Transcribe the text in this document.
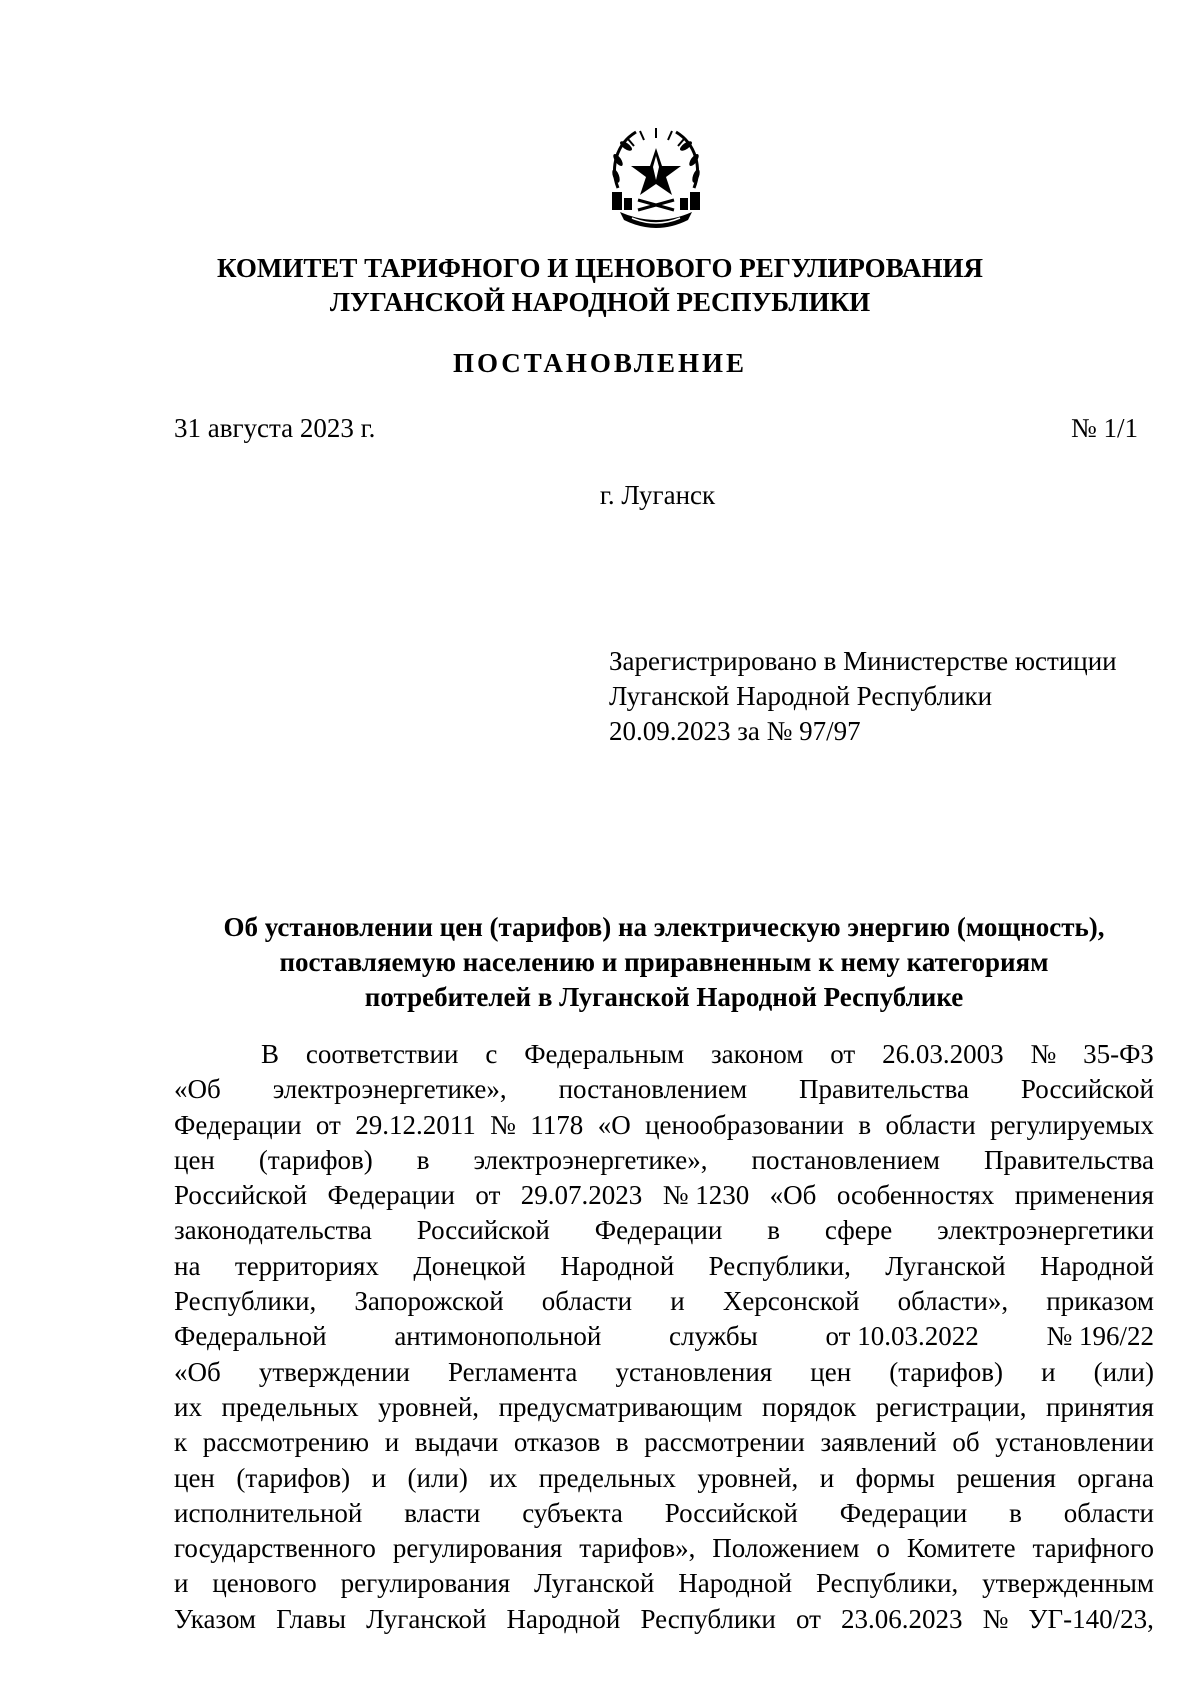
КОМИТЕТ ТАРИФНОГО И ЦЕНОВОГО РЕГУЛИРОВАНИЯ
ЛУГАНСКОЙ НАРОДНОЙ РЕСПУБЛИКИ
ПОСТАНОВЛЕНИЕ
31 августа 2023 г.	№ 1/1
г. Луганск
Зарегистрировано в Министерстве юстиции
Луганской Народной Республики
20.09.2023 за № 97/97
Об установлении цен (тарифов) на электрическую энергию (мощность),
поставляемую населению и приравненным к нему категориям
потребителей в Луганской Народной Республике
В соответствии с Федеральным законом от 26.03.2003 № 35-ФЗ
«Об электроэнергетике», постановлением Правительства Российской
Федерации от 29.12.2011 № 1178 «О ценообразовании в области регулируемых
цен (тарифов) в электроэнергетике», постановлением Правительства
Российской Федерации от 29.07.2023 № 1230 «Об особенностях применения
законодательства Российской Федерации в сфере электроэнергетики
на территориях Донецкой Народной Республики, Луганской Народной
Республики, Запорожской области и Херсонской области», приказом
Федеральной	антимонопольной	службы	от 10.03.2022	№ 196/22
«Об утверждении Регламента установления цен (тарифов) и (или)
их предельных уровней, предусматривающим порядок регистрации, принятия
к рассмотрению и выдачи отказов в рассмотрении заявлений об установлении
цен (тарифов) и (или) их предельных уровней, и формы решения органа
исполнительной власти субъекта Российской Федерации в области
государственного регулирования тарифов», Положением о Комитете тарифного
и ценового регулирования Луганской Народной Республики, утвержденным
Указом Главы Луганской Народной Республики от 23.06.2023 № УГ-140/23,
